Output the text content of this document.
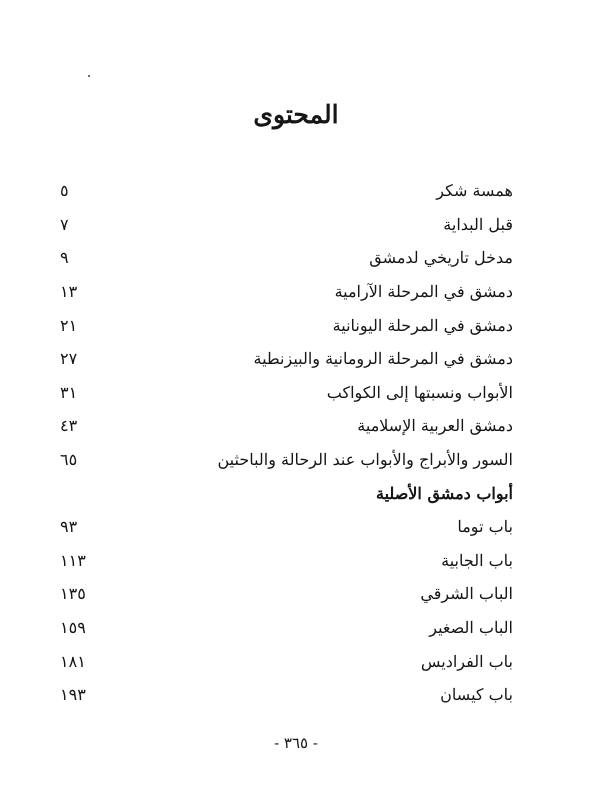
المحتوى
همسة شكر
٥
قبل البداية
٧
مدخل تاريخي لدمشق
٩
دمشق في المرحلة الآرامية
١٣
دمشق في المرحلة اليونانية
٢١
دمشق في المرحلة الرومانية والبيزنطية
٢٧
الأبواب ونسبتها إلى الكواكب
٣١
دمشق العربية الإسلامية
٤٣
السور والأبراج والأبواب عند الرحالة والباحثين
٦٥
أبواب دمشق الأصلية
باب توما
٩٣
باب الجابية
١١٣
الباب الشرقي
١٣٥
الباب الصغير
١٥٩
باب الفراديس
١٨١
باب كيسان
١٩٣
- ٣٦٥ -
